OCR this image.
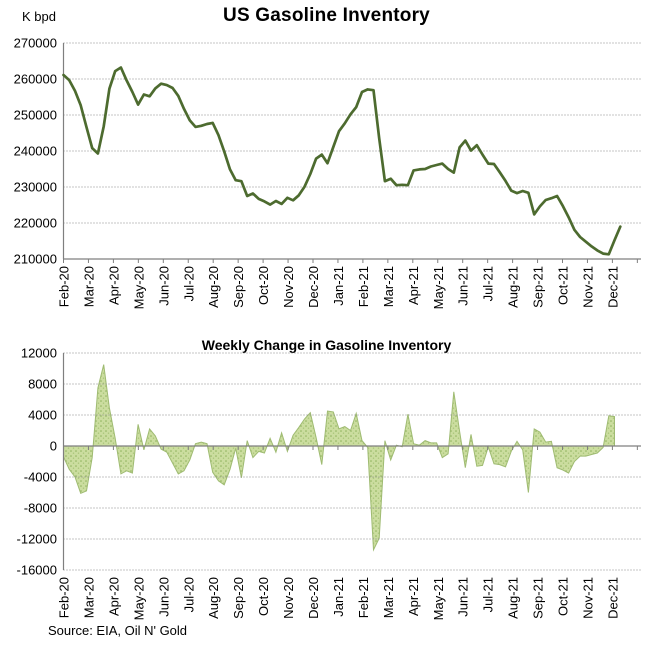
K bpd	US Gasoline Inventory
270000
260000
250000
240000
230000
220000
210000
Feb-20 Mar-20 Apr-20 May-20 Jun-20 Jul-20 Aug-20 Sep-20 Oct-20 Nov-20 Dec-20 Jan-21 Feb-21 Mar-21 Apr-21 May-21 Jun-21 Jul-21 Aug-21 Sep-21 Oct-21 Nov-21 Dec-21
Weekly Change in Gasoline Inventory
12000
8000
4000
0
-4000
-8000
-12000
-16000
Feb-20 Mar-20 Apr-20 May-20 Jun-20 Jul-20 Aug-20 Sep-20 Oct-20 Nov-20 Dec-20 Jan-21 Feb-21 Mar-21 Apr-21 May-21 Jun-21 Jul-21 Aug-21 Sep-21 Oct-21 Nov-21 Dec-21
Source: EIA, Oil N' Gold
